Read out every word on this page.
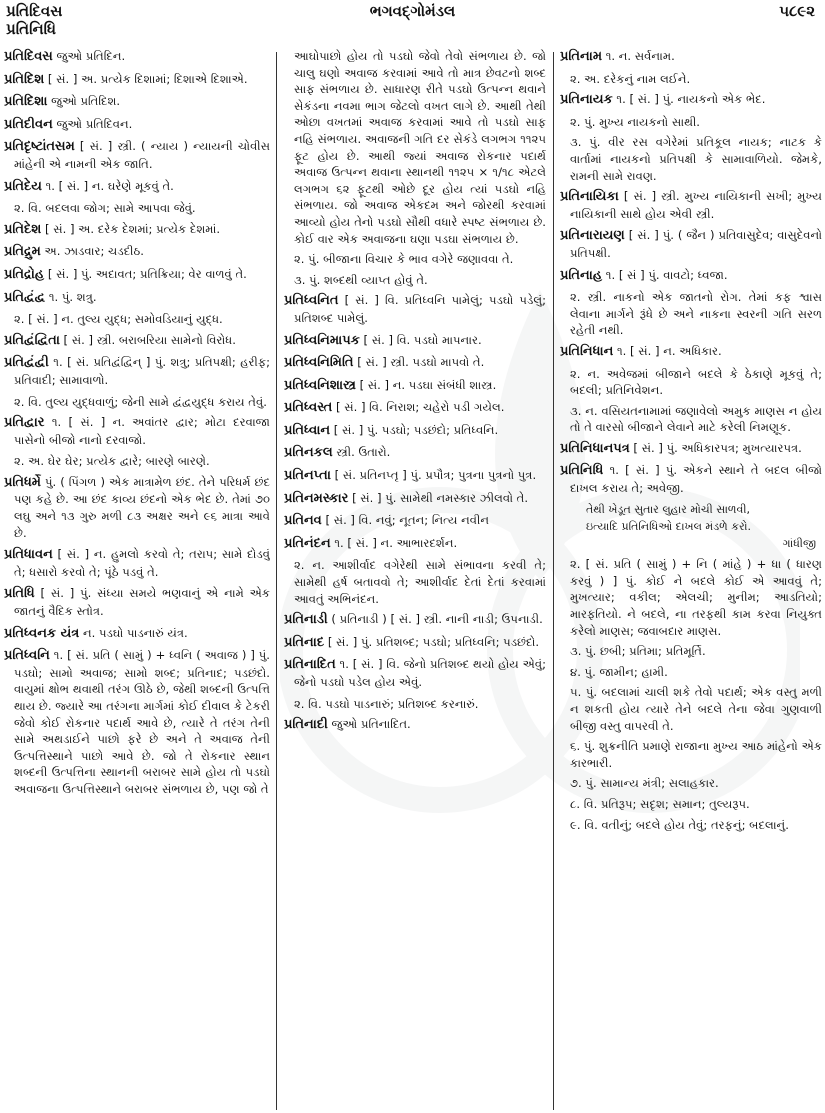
પ્રતિદિવસ
પ્રતિનિધિ
ભગવદ્ગોમંડલ	૫૮૯૨

પ્રતિદિવસ જુઓ પ્રતિદિન.

પ્રતિદિશ [ સં. ] અ. પ્રત્યેક દિશામાં; દિશાએ દિશાએ.

પ્રતિદિશા જુઓ પ્રતિદિશ.

પ્રતિદીવન જુઓ પ્રતિદિવન.

પ્રતિદૃષ્ટાંતસમ [ સં. ] સ્ત્રી. ( ન્યાય ) ન્યાયની ચોવીસ માંહેની એ નામની એક જાતિ.

પ્રતિદેય ૧. [ સં. ] ન. ઘરેણે મૂકવું તે.

૨. વિ. બદલવા જોગ; સામે આપવા જેવું.

પ્રતિદેશ [ સં. ] અ. દરેક દેશમાં; પ્રત્યેક દેશમાં.

પ્રતિદ્રુમ અ. ઝાડવાર; ચડદીઠ.

પ્રતિદ્રોહ [ સં. ] પું. અદાવત; પ્રતિક્રિયા; વેર વાળવું તે.

પ્રતિદ્વંદ્વ ૧. પું. શત્રુ.

૨. [ સં. ] ન. તુલ્ય યુદ્ધ; સમોવડિયાનું યુદ્ધ.

પ્રતિદ્વંદ્વિતા [ સં. ] સ્ત્રી. બરાબરિયા સામેનો વિરોધ.

પ્રતિદ્વંદ્વી ૧. [ સં. પ્રતિદ્વંદ્વિન્ ] પું. શત્રુ; પ્રતિપક્ષી; હરીફ; પ્રતિવાદી; સામાવાળો.

૨. વિ. તુલ્ય યુદ્ધવાળું; જેની સામે દ્વંદ્વયુદ્ધ કરાય તેવું.

પ્રતિદ્વાર ૧. [ સં. ] ન. અવાંતર દ્વાર; મોટા દરવાજા પાસેનો બીજો નાનો દરવાજો.

૨. અ. ઘેર ઘેર; પ્રત્યેક દ્વારે; બારણે બારણે.

પ્રતિધર્મે પું. ( પિંગળ ) એક માત્રામેળ છંદ. તેને પરિધર્મ છંદ પણ કહે છે. આ છંદ કાવ્ય છંદનો એક ભેદ છે. તેમાં ૭૦ લઘુ અને ૧૩ ગુરુ મળી ૮૩ અક્ષર અને ૯૬ માત્રા આવે છે.

પ્રતિધાવન [ સં. ] ન. હુમલો કરવો તે; તરાપ; સામે દોડવું તે; ધસારો કરવો તે; પૂંઠે પડવું તે.

પ્રતિધિ [ સં. ] પું. સંધ્યા સમયે ભણવાનું એ નામે એક જાતનું વૈદિક સ્તોત્ર.

પ્રતિધ્વનક યંત્ર ન. પડઘો પાડનારું યંત્ર.

પ્રતિધ્વનિ ૧. [ સં. પ્રતિ ( સામું ) + ધ્વનિ ( અવાજ ) ] પું. પડઘો; સામો અવાજ; સામો શબ્દ; પ્રતિનાદ; પડછંદો. વાયુમાં ક્ષોભ થવાથી તરંગ ઊઠે છે, જેથી શબ્દની ઉત્પત્તિ થાય છે. જ્યારે આ તરંગના માર્ગમાં કોઈ દીવાલ કે ટેકરી જેવો કોઈ રોકનાર પદાર્થ આવે છે, ત્યારે તે તરંગ તેની સામે અથડાઈને પાછો ફરે છે અને તે અવાજ તેની ઉત્પત્તિસ્થાને પાછો આવે છે. જો તે રોકનાર સ્થાન શબ્દની ઉત્પત્તિના સ્થાનની બરાબર સામે હોય તો પડઘો અવાજના ઉત્પત્તિસ્થાને બરાબર સંભળાય છે, પણ જો તે

આઘોપાછો હોય તો પડઘો જેવો તેવો સંભળાય છે. જો ચાલુ ઘણો અવાજ કરવામાં આવે તો માત્ર છેવટનો શબ્દ સાફ સંભળાય છે. સાધારણ રીતે પડઘો ઉત્પન્ન થવાને સેકંડના નવમા ભાગ જેટલો વખત લાગે છે. આથી તેથી ઓછા વખતમાં અવાજ કરવામાં આવે તો પડઘો સાફ નહિ સંભળાય. અવાજની ગતિ દર સેકંડે લગભગ ૧૧૨૫ ફૂટ હોય છે. આથી જ્યાં અવાજ રોકનાર પદાર્થ અવાજ ઉત્પન્ન થવાના સ્થાનથી ૧૧૨૫ × ૧/૧૮ એટલે લગભગ ૬૨ ફૂટથી ઓછે દૂર હોય ત્યાં પડઘો નહિ સંભળાય. જો અવાજ એકદમ અને જોરથી કરવામાં આવ્યો હોય તેનો પડઘો સૌથી વધારે સ્પષ્ટ સંભળાય છે. કોઈ વાર એક અવાજના ઘણા પડઘા સંભળાય છે.

૨. પું. બીજાના વિચાર કે ભાવ વગેરે જણાવવા તે.

૩. પું. શબ્દથી વ્યાપ્ત હોવું તે.

પ્રતિધ્વનિત [ સં. ] વિ. પ્રતિધ્વનિ પામેલું; પડઘો પડેલું; પ્રતિશબ્દ પામેલું.

પ્રતિધ્વનિમાપક [ સં. ] વિ. પડઘો માપનાર.

પ્રતિધ્વનિમિતિ [ સં. ] સ્ત્રી. પડઘો માપવો તે.

પ્રતિધ્વનિશાસ્ત્ર [ સં. ] ન. પડઘા સંબંધી શાસ્ત્ર.

પ્રતિધ્વસ્ત [ સં. ] વિ. નિરાશ; ચહેરો પડી ગયેલ.

પ્રતિધ્વાન [ સં. ] પું. પડઘો; પડછંદો; પ્રતિધ્વનિ.

પ્રતિનકલ સ્ત્રી. ઉતારો.

પ્રતિનપ્તા [ સં. પ્રતિનપ્તૃ ] પું. પ્રપૌત્ર; પુત્રના પુત્રનો પુત્ર.

પ્રતિનમસ્કાર [ સં. ] પું. સામેથી નમસ્કાર ઝીલવો તે.

પ્રતિનવ [ સં. ] વિ. નવું; નૂતન; નિત્ય નવીન

પ્રતિનંદન ૧. [ સં. ] ન. આભારદર્શન.

૨. ન. આશીર્વાદ વગેરેથી સામે સંભાવના કરવી તે; સામેથી હર્ષ બતાવવો તે; આશીર્વાદ દેતાં દેતાં કરવામાં આવતું અભિનંદન.

પ્રતિનાડી ( પ્રતિનાડી ) [ સં. ] સ્ત્રી. નાની નાડી; ઉપનાડી.

પ્રતિનાદ [ સં. ] પું. પ્રતિશબ્દ; પડઘો; પ્રતિધ્વનિ; પડછંદો.

પ્રતિનાદિત ૧. [ સં. ] વિ. જેનો પ્રતિશબ્દ થયો હોય એવું; જેનો પડઘો પડેલ હોય એવું.

૨. વિ. પડઘો પાડનારું; પ્રતિશબ્દ કરનારું.

પ્રતિનાદી જુઓ પ્રતિનાદિત.

પ્રતિનામ ૧. ન. સર્વનામ.

૨. અ. દરેકનું નામ લઈને.

પ્રતિનાયક ૧. [ સં. ] પું. નાયકનો એક ભેદ.

૨. પું. મુખ્ય નાયકનો સાથી.

૩. પું. વીર રસ વગેરેમાં પ્રતિકૂલ નાયક; નાટક કે વાર્તામાં નાયકનો પ્રતિપક્ષી કે સામાવાળિયો. જેમકે, રામની સામે રાવણ.

પ્રતિનાયિકા [ સં. ] સ્ત્રી. મુખ્ય નાયિકાની સખી; મુખ્ય નાયિકાની સાથે હોય એવી સ્ત્રી.

પ્રતિનારાયણ [ સં. ] પું. ( જૈન ) પ્રતિવાસુદેવ; વાસુદેવનો પ્રતિપક્ષી.

પ્રતિનાહ ૧. [ સં ] પું. વાવટો; ધ્વજા.

૨. સ્ત્રી. નાકનો એક જાતનો રોગ. તેમાં કફ શ્વાસ લેવાના માર્ગને રૂંધે છે અને નાકના સ્વરની ગતિ સરળ રહેતી નથી.

પ્રતિનિધાન ૧. [ સં. ] ન. અધિકાર.

૨. ન. અવેજમાં બીજાને બદલે કે ઠેકાણે મૂકવું તે; બદલી; પ્રતિનિવેશન.

૩. ન. વસિયતનામામાં જણાવેલો અમુક માણસ ન હોય તો તે વારસો બીજાને લેવાને માટે કરેલી નિમણૂક.

પ્રતિનિધાનપત્ર [ સં. ] પું. અધિકારપત્ર; મુખત્યારપત્ર.

પ્રતિનિધિ ૧. [ સં. ] પું. એકને સ્થાને તે બદલ બીજો દાખલ કરાય તે; અવેજી.

તેથી ખેડૂત સુતાર લુહાર મોચી સાળવી,

ઇત્યાદિ પ્રતિનિધિઓ દાખલ મંડળે કરો.

ગાંધીજી

૨. [ સં. પ્રતિ ( સામું ) + નિ ( માંહે ) + ધા ( ધારણ કરવું ) ] પું. કોઈ ને બદલે કોઈ એ આવવું તે; મુખત્યાર; વકીલ; એલચી; મુનીમ; આડતિયો; મારફતિયો. ને બદલે, ના તરફથી કામ કરવા નિયુક્ત કરેલો માણસ; જવાબદાર માણસ.

૩. પું. છબી; પ્રતિમા; પ્રતિમૂર્તિ.

૪. પું. જામીન; હામી.

૫. પું. બદલામાં ચાલી શકે તેવો પદાર્થ; એક વસ્તુ મળી ન શકતી હોય ત્યારે તેને બદલે તેના જેવા ગુણવાળી બીજી વસ્તુ વાપરવી તે.

૬. પું. શુક્રનીતિ પ્રમાણે રાજાના મુખ્ય આઠ માંહેનો એક કારભારી.

૭. પું. સામાન્ય મંત્રી; સલાહકાર.

૮. વિ. પ્રતિરૂપ; સદૃશ; સમાન; તુલ્યરૂપ.

૯. વિ. વતીનું; બદલે હોય તેવું; તરફનું; બદલાનું.
